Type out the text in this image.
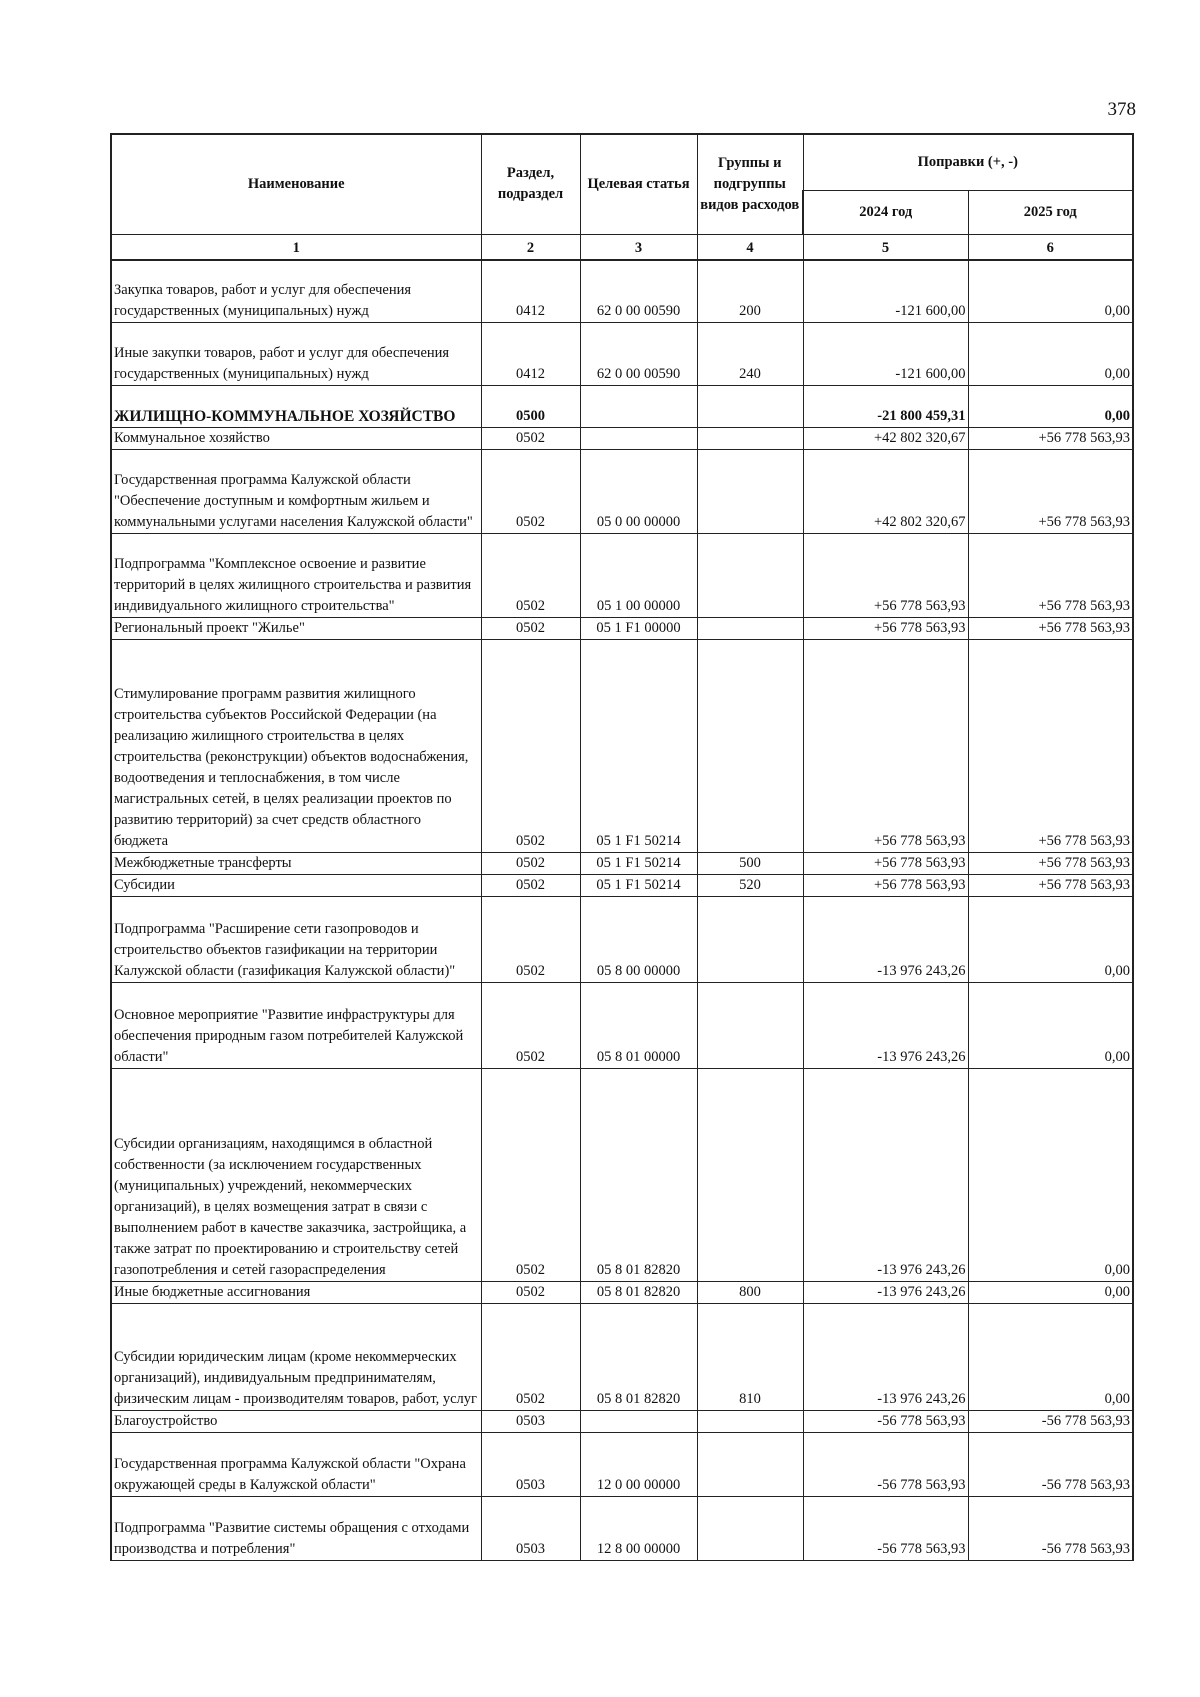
378
Наименование	Раздел, подраздел	Целевая статья	Группы и подгруппы видов расходов	Поправки (+, -)	
				2024 год	2025 год
1	2	3	4	5	6
Закупка товаров, работ и услуг для обеспечения государственных (муниципальных) нужд	0412	62 0 00 00590	200	-121 600,00	0,00
Иные закупки товаров, работ и услуг для обеспечения государственных (муниципальных) нужд	0412	62 0 00 00590	240	-121 600,00	0,00
ЖИЛИЩНО-КОММУНАЛЬНОЕ ХОЗЯЙСТВО	0500			-21 800 459,31	0,00
Коммунальное хозяйство	0502			+42 802 320,67	+56 778 563,93
Государственная программа Калужской области "Обеспечение доступным и комфортным жильем и коммунальными услугами населения Калужской области"	0502	05 0 00 00000		+42 802 320,67	+56 778 563,93
Подпрограмма "Комплексное освоение и развитие территорий в целях жилищного строительства и развития индивидуального жилищного строительства"	0502	05 1 00 00000		+56 778 563,93	+56 778 563,93
Региональный проект "Жилье"	0502	05 1 F1 00000		+56 778 563,93	+56 778 563,93
Стимулирование программ развития жилищного строительства субъектов Российской Федерации (на реализацию жилищного строительства в целях строительства (реконструкции) объектов водоснабжения, водоотведения и теплоснабжения, в том числе магистральных сетей, в целях реализации проектов по развитию территорий) за счет средств областного бюджета	0502	05 1 F1 50214		+56 778 563,93	+56 778 563,93
Межбюджетные трансферты	0502	05 1 F1 50214	500	+56 778 563,93	+56 778 563,93
Субсидии	0502	05 1 F1 50214	520	+56 778 563,93	+56 778 563,93
Подпрограмма "Расширение сети газопроводов и строительство объектов газификации на территории Калужской области (газификация Калужской области)"	0502	05 8 00 00000		-13 976 243,26	0,00
Основное мероприятие "Развитие инфраструктуры для обеспечения природным газом потребителей Калужской области"	0502	05 8 01 00000		-13 976 243,26	0,00
Субсидии организациям, находящимся в областной собственности (за исключением государственных (муниципальных) учреждений, некоммерческих организаций), в целях возмещения затрат в связи с выполнением работ в качестве заказчика, застройщика, а также затрат по проектированию и строительству сетей газопотребления и сетей газораспределения	0502	05 8 01 82820		-13 976 243,26	0,00
Иные бюджетные ассигнования	0502	05 8 01 82820	800	-13 976 243,26	0,00
Субсидии юридическим лицам (кроме некоммерческих организаций), индивидуальным предпринимателям, физическим лицам - производителям товаров, работ, услуг	0502	05 8 01 82820	810	-13 976 243,26	0,00
Благоустройство	0503			-56 778 563,93	-56 778 563,93
Государственная программа Калужской области "Охрана окружающей среды в Калужской области"	0503	12 0 00 00000		-56 778 563,93	-56 778 563,93
Подпрограмма "Развитие системы обращения с отходами производства и потребления"	0503	12 8 00 00000		-56 778 563,93	-56 778 563,93
